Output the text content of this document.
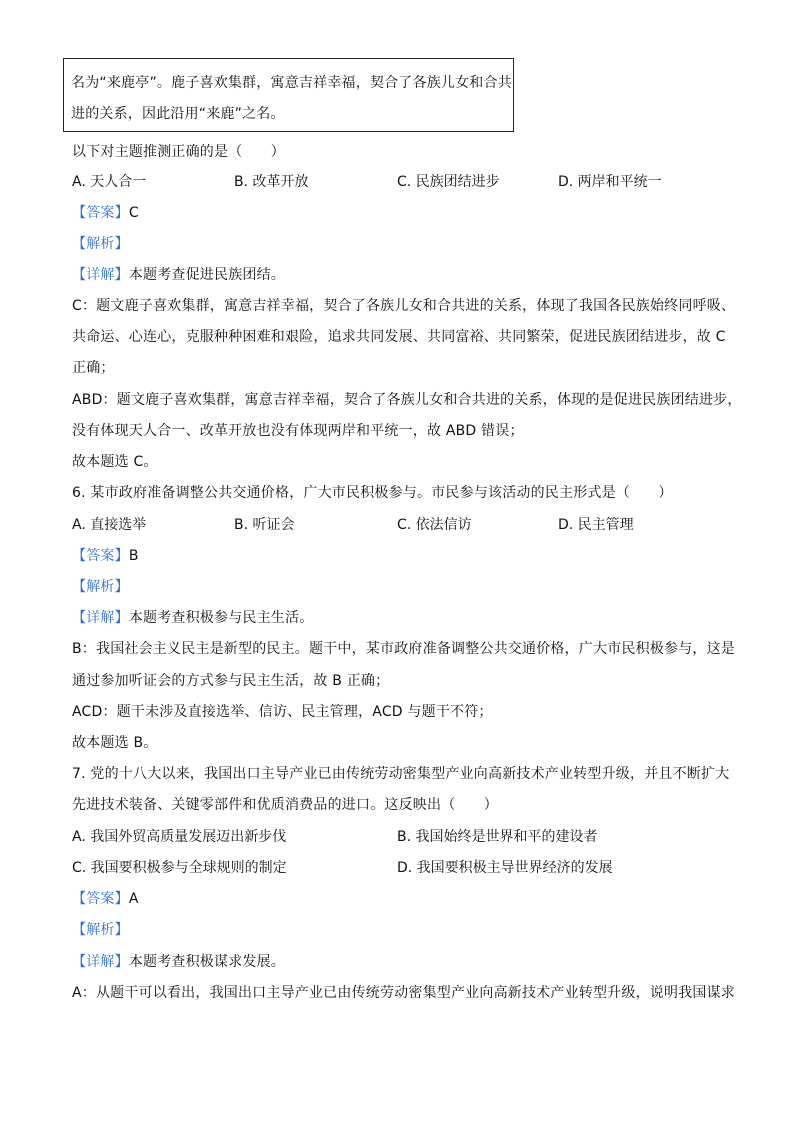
名为“来鹿亭”。鹿子喜欢集群，寓意吉祥幸福，契合了各族儿女和合共
进的关系，因此沿用“来鹿”之名。
以下对主题推测正确的是（　　）
A. 天人合一	B. 改革开放	C. 民族团结进步	D. 两岸和平统一
【答案】C
【解析】
【详解】本题考查促进民族团结。
C：题文鹿子喜欢集群，寓意吉祥幸福，契合了各族儿女和合共进的关系，体现了我国各民族始终同呼吸、
共命运、心连心，克服种种困难和艰险，追求共同发展、共同富裕、共同繁荣，促进民族团结进步，故 C
正确；
ABD：题文鹿子喜欢集群，寓意吉祥幸福，契合了各族儿女和合共进的关系，体现的是促进民族团结进步，
没有体现天人合一、改革开放也没有体现两岸和平统一，故 ABD 错误；
故本题选 C。
6. 某市政府准备调整公共交通价格，广大市民积极参与。市民参与该活动的民主形式是（　　）
A. 直接选举	B. 听证会	C. 依法信访	D. 民主管理
【答案】B
【解析】
【详解】本题考查积极参与民主生活。
B：我国社会主义民主是新型的民主。题干中，某市政府准备调整公共交通价格，广大市民积极参与，这是
通过参加听证会的方式参与民主生活，故 B 正确；
ACD：题干未涉及直接选举、信访、民主管理，ACD 与题干不符；
故本题选 B。
7. 党的十八大以来，我国出口主导产业已由传统劳动密集型产业向高新技术产业转型升级，并且不断扩大
先进技术装备、关键零部件和优质消费品的进口。这反映出（　　）
A. 我国外贸高质量发展迈出新步伐	B. 我国始终是世界和平的建设者
C. 我国要积极参与全球规则的制定	D. 我国要积极主导世界经济的发展
【答案】A
【解析】
【详解】本题考查积极谋求发展。
A：从题干可以看出，我国出口主导产业已由传统劳动密集型产业向高新技术产业转型升级，说明我国谋求
